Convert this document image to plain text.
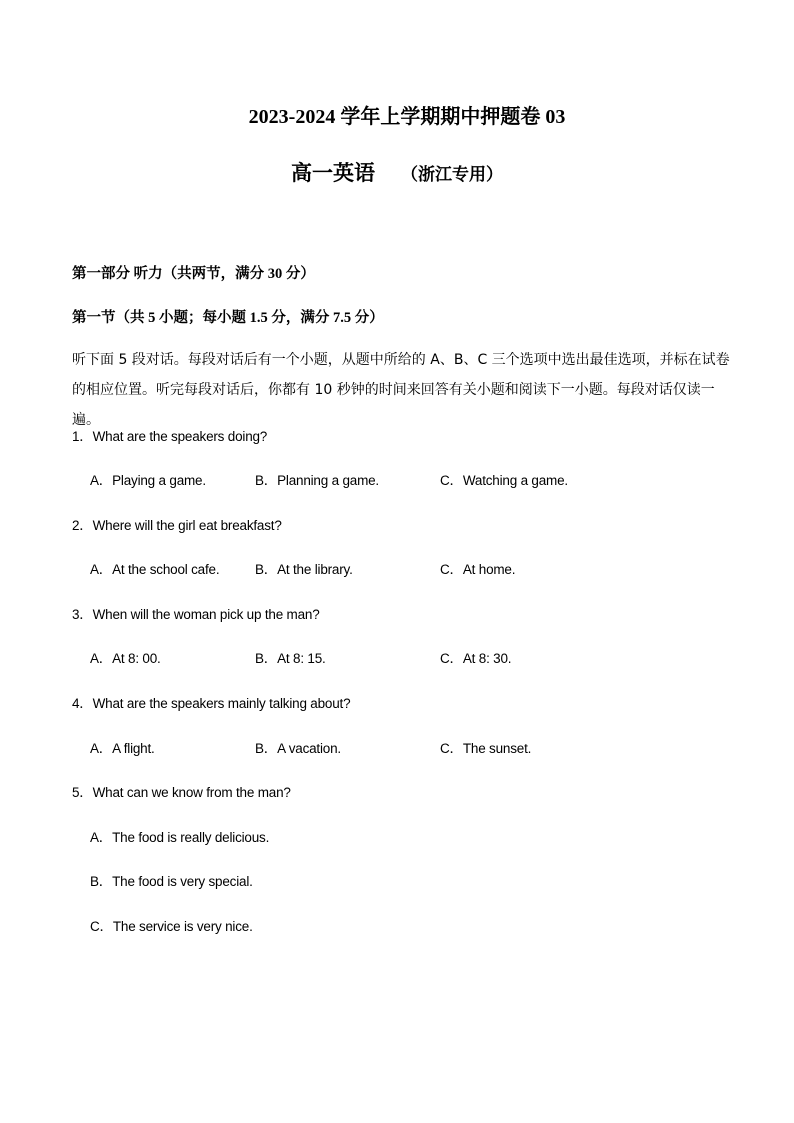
2023-2024 学年上学期期中押题卷 03
高一英语 （浙江专用）
第一部分 听力（共两节，满分 30 分）
第一节（共 5 小题；每小题 1.5 分，满分 7.5 分）
听下面 5 段对话。每段对话后有一个小题，从题中所给的 A、B、C 三个选项中选出最佳选项，并标在试卷的相应位置。听完每段对话后，你都有 10 秒钟的时间来回答有关小题和阅读下一小题。每段对话仅读一遍。
1．What are the speakers doing?
A．Playing a game.	B．Planning a game.	C．Watching a game.
2．Where will the girl eat breakfast?
A．At the school cafe.	B．At the library.	C．At home.
3．When will the woman pick up the man?
A．At 8: 00.	B．At 8: 15.	C．At 8: 30.
4．What are the speakers mainly talking about?
A．A flight.	B．A vacation.	C．The sunset.
5．What can we know from the man?
A．The food is really delicious.
B．The food is very special.
C．The service is very nice.
